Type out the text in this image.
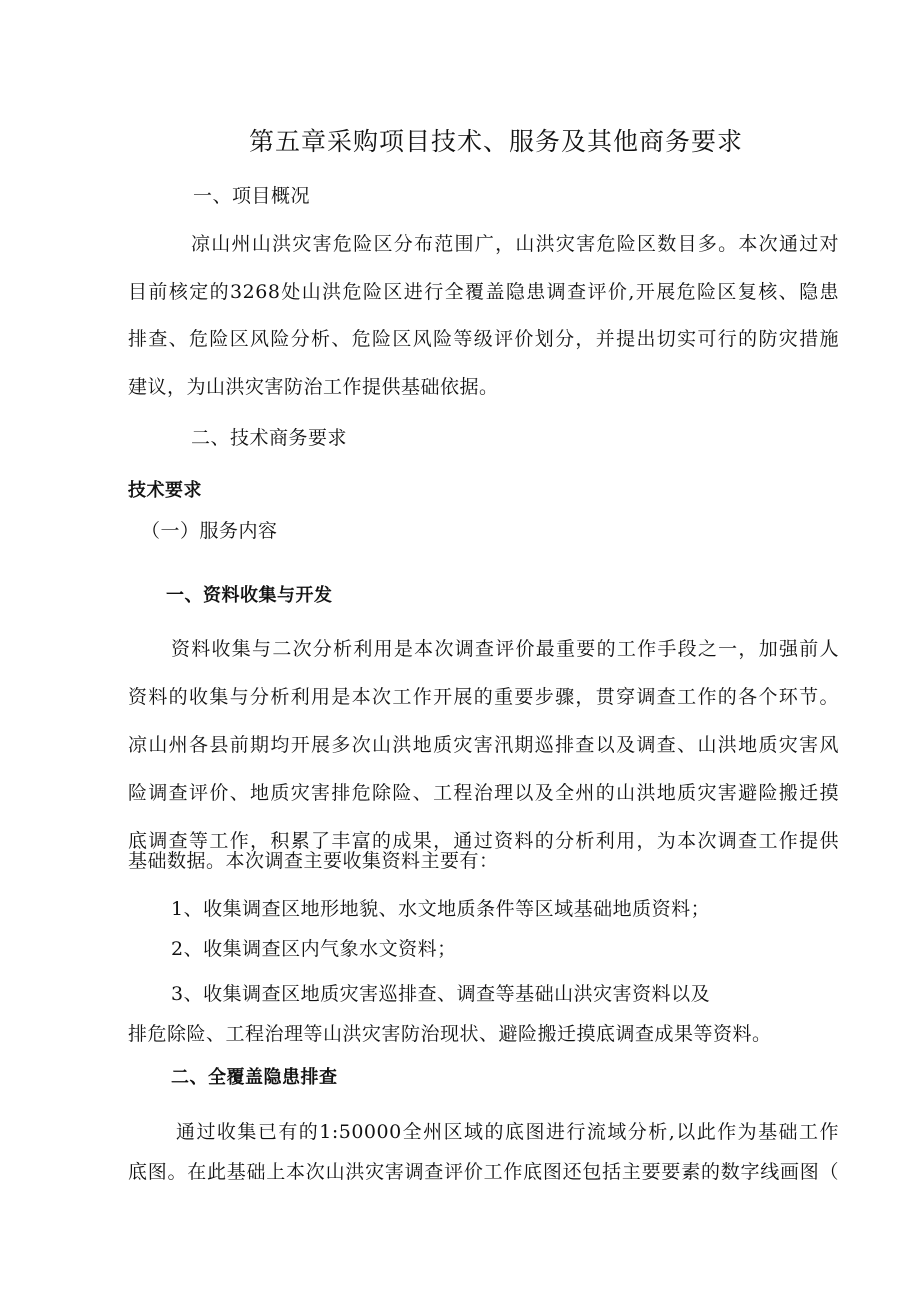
第五章采购项目技术、服务及其他商务要求
一、项目概况
凉山州山洪灾害危险区分布范围广，山洪灾害危险区数目多。本次通过对
目前核定的3268处山洪危险区进行全覆盖隐患调查评价,开展危险区复核、隐患
排查、危险区风险分析、危险区风险等级评价划分，并提出切实可行的防灾措施
建议，为山洪灾害防治工作提供基础依据。
二、技术商务要求
技术要求
（一）服务内容
一、资料收集与开发
资料收集与二次分析利用是本次调查评价最重要的工作手段之一，加强前人
资料的收集与分析利用是本次工作开展的重要步骤，贯穿调查工作的各个环节。
凉山州各县前期均开展多次山洪地质灾害汛期巡排查以及调查、山洪地质灾害风
险调查评价、地质灾害排危除险、工程治理以及全州的山洪地质灾害避险搬迁摸
底调查等工作，积累了丰富的成果，通过资料的分析利用，为本次调查工作提供
基础数据。本次调查主要收集资料主要有：
1、收集调查区地形地貌、水文地质条件等区域基础地质资料；
2、收集调查区内气象水文资料；
3、收集调查区地质灾害巡排查、调查等基础山洪灾害资料以及
排危除险、工程治理等山洪灾害防治现状、避险搬迁摸底调查成果等资料。
二、全覆盖隐患排查
通过收集已有的1:50000全州区域的底图进行流域分析,以此作为基础工作
底图。在此基础上本次山洪灾害调查评价工作底图还包括主要要素的数字线画图（
